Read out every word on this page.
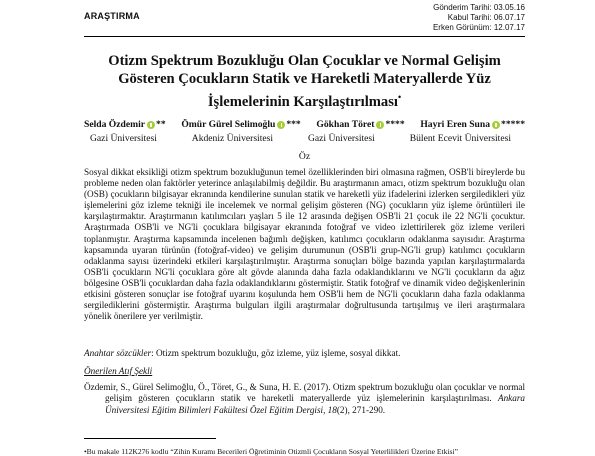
ARAŞTIRMA
Gönderim Tarihi: 03.05.16
Kabul Tarihi: 06.07.17
Erken Görünüm: 12.07.17
Otizm Spektrum Bozukluğu Olan Çocuklar ve Normal Gelişim
Gösteren Çocukların Statik ve Hareketli Materyallerde Yüz
İşlemelerinin Karşılaştırılması•
Selda Özdemir ** Ömür Gürel Selimoğlu *** Gökhan Töret **** Hayri Eren Suna *****
Gazi Üniversitesi	Akdeniz Üniversitesi	Gazi Üniversitesi	Bülent Ecevit Üniversitesi
Öz

Sosyal dikkat eksikliği otizm spektrum bozukluğunun temel özelliklerinden biri olmasına rağmen, OSB'li bireylerde bu probleme neden olan faktörler yeterince anlaşılabilmiş değildir. Bu araştırmanın amacı, otizm spektrum bozukluğu olan (OSB) çocukların bilgisayar ekranında kendilerine sunulan statik ve hareketli yüz ifadelerini izlerken sergiledikleri yüz işlemelerini göz izleme tekniği ile incelemek ve normal gelişim gösteren (NG) çocukların yüz işleme örüntüleri ile karşılaştırmaktır. Araştırmanın katılımcıları yaşları 5 ile 12 arasında değişen OSB'li 21 çocuk ile 22 NG'li çocuktur. Araştırmada OSB'li ve NG'li çocuklara bilgisayar ekranında fotoğraf ve video izlettirilerek göz izleme verileri toplanmıştır. Araştırma kapsamında incelenen bağımlı değişken, katılımcı çocukların odaklanma sayısıdır. Araştırma kapsamında uyaran türünün (fotoğraf-video) ve gelişim durumunun (OSB'li grup-NG'li grup) katılımcı çocukların odaklanma sayısı üzerindeki etkileri karşılaştırılmıştır. Araştırma sonuçları bölge bazında yapılan karşılaştırmalarda OSB'li çocukların NG'li çocuklara göre alt gövde alanında daha fazla odaklandıklarını ve NG'li çocukların da ağız bölgesine OSB'li çocuklardan daha fazla odaklandıklarını göstermiştir. Statik fotoğraf ve dinamik video değişkenlerinin etkisini gösteren sonuçlar ise fotoğraf uyarını koşulunda hem OSB'li hem de NG'li çocukların daha fazla odaklanma sergilediklerini göstermiştir. Araştırma bulguları ilgili araştırmalar doğrultusunda tartışılmış ve ileri araştırmalara yönelik önerilere yer verilmiştir.

Anahtar sözcükler: Otizm spektrum bozukluğu, göz izleme, yüz işleme, sosyal dikkat.
Önerilen Atıf Şekli

Özdemir, S., Gürel Selimoğlu, Ö., Töret, G., & Suna, H. E. (2017). Otizm spektrum bozukluğu olan çocuklar ve normal gelişim gösteren çocukların statik ve hareketli materyallerde yüz işlemelerinin karşılaştırılması. Ankara Üniversitesi Eğitim Bilimleri Fakültesi Özel Eğitim Dergisi, 18(2), 271-290.

•Bu makale 112K276 kodlu “Zihin Kuramı Becerileri Öğretiminin Otizmli Çocukların Sosyal Yeterlilikleri Üzerine Etkisi”
